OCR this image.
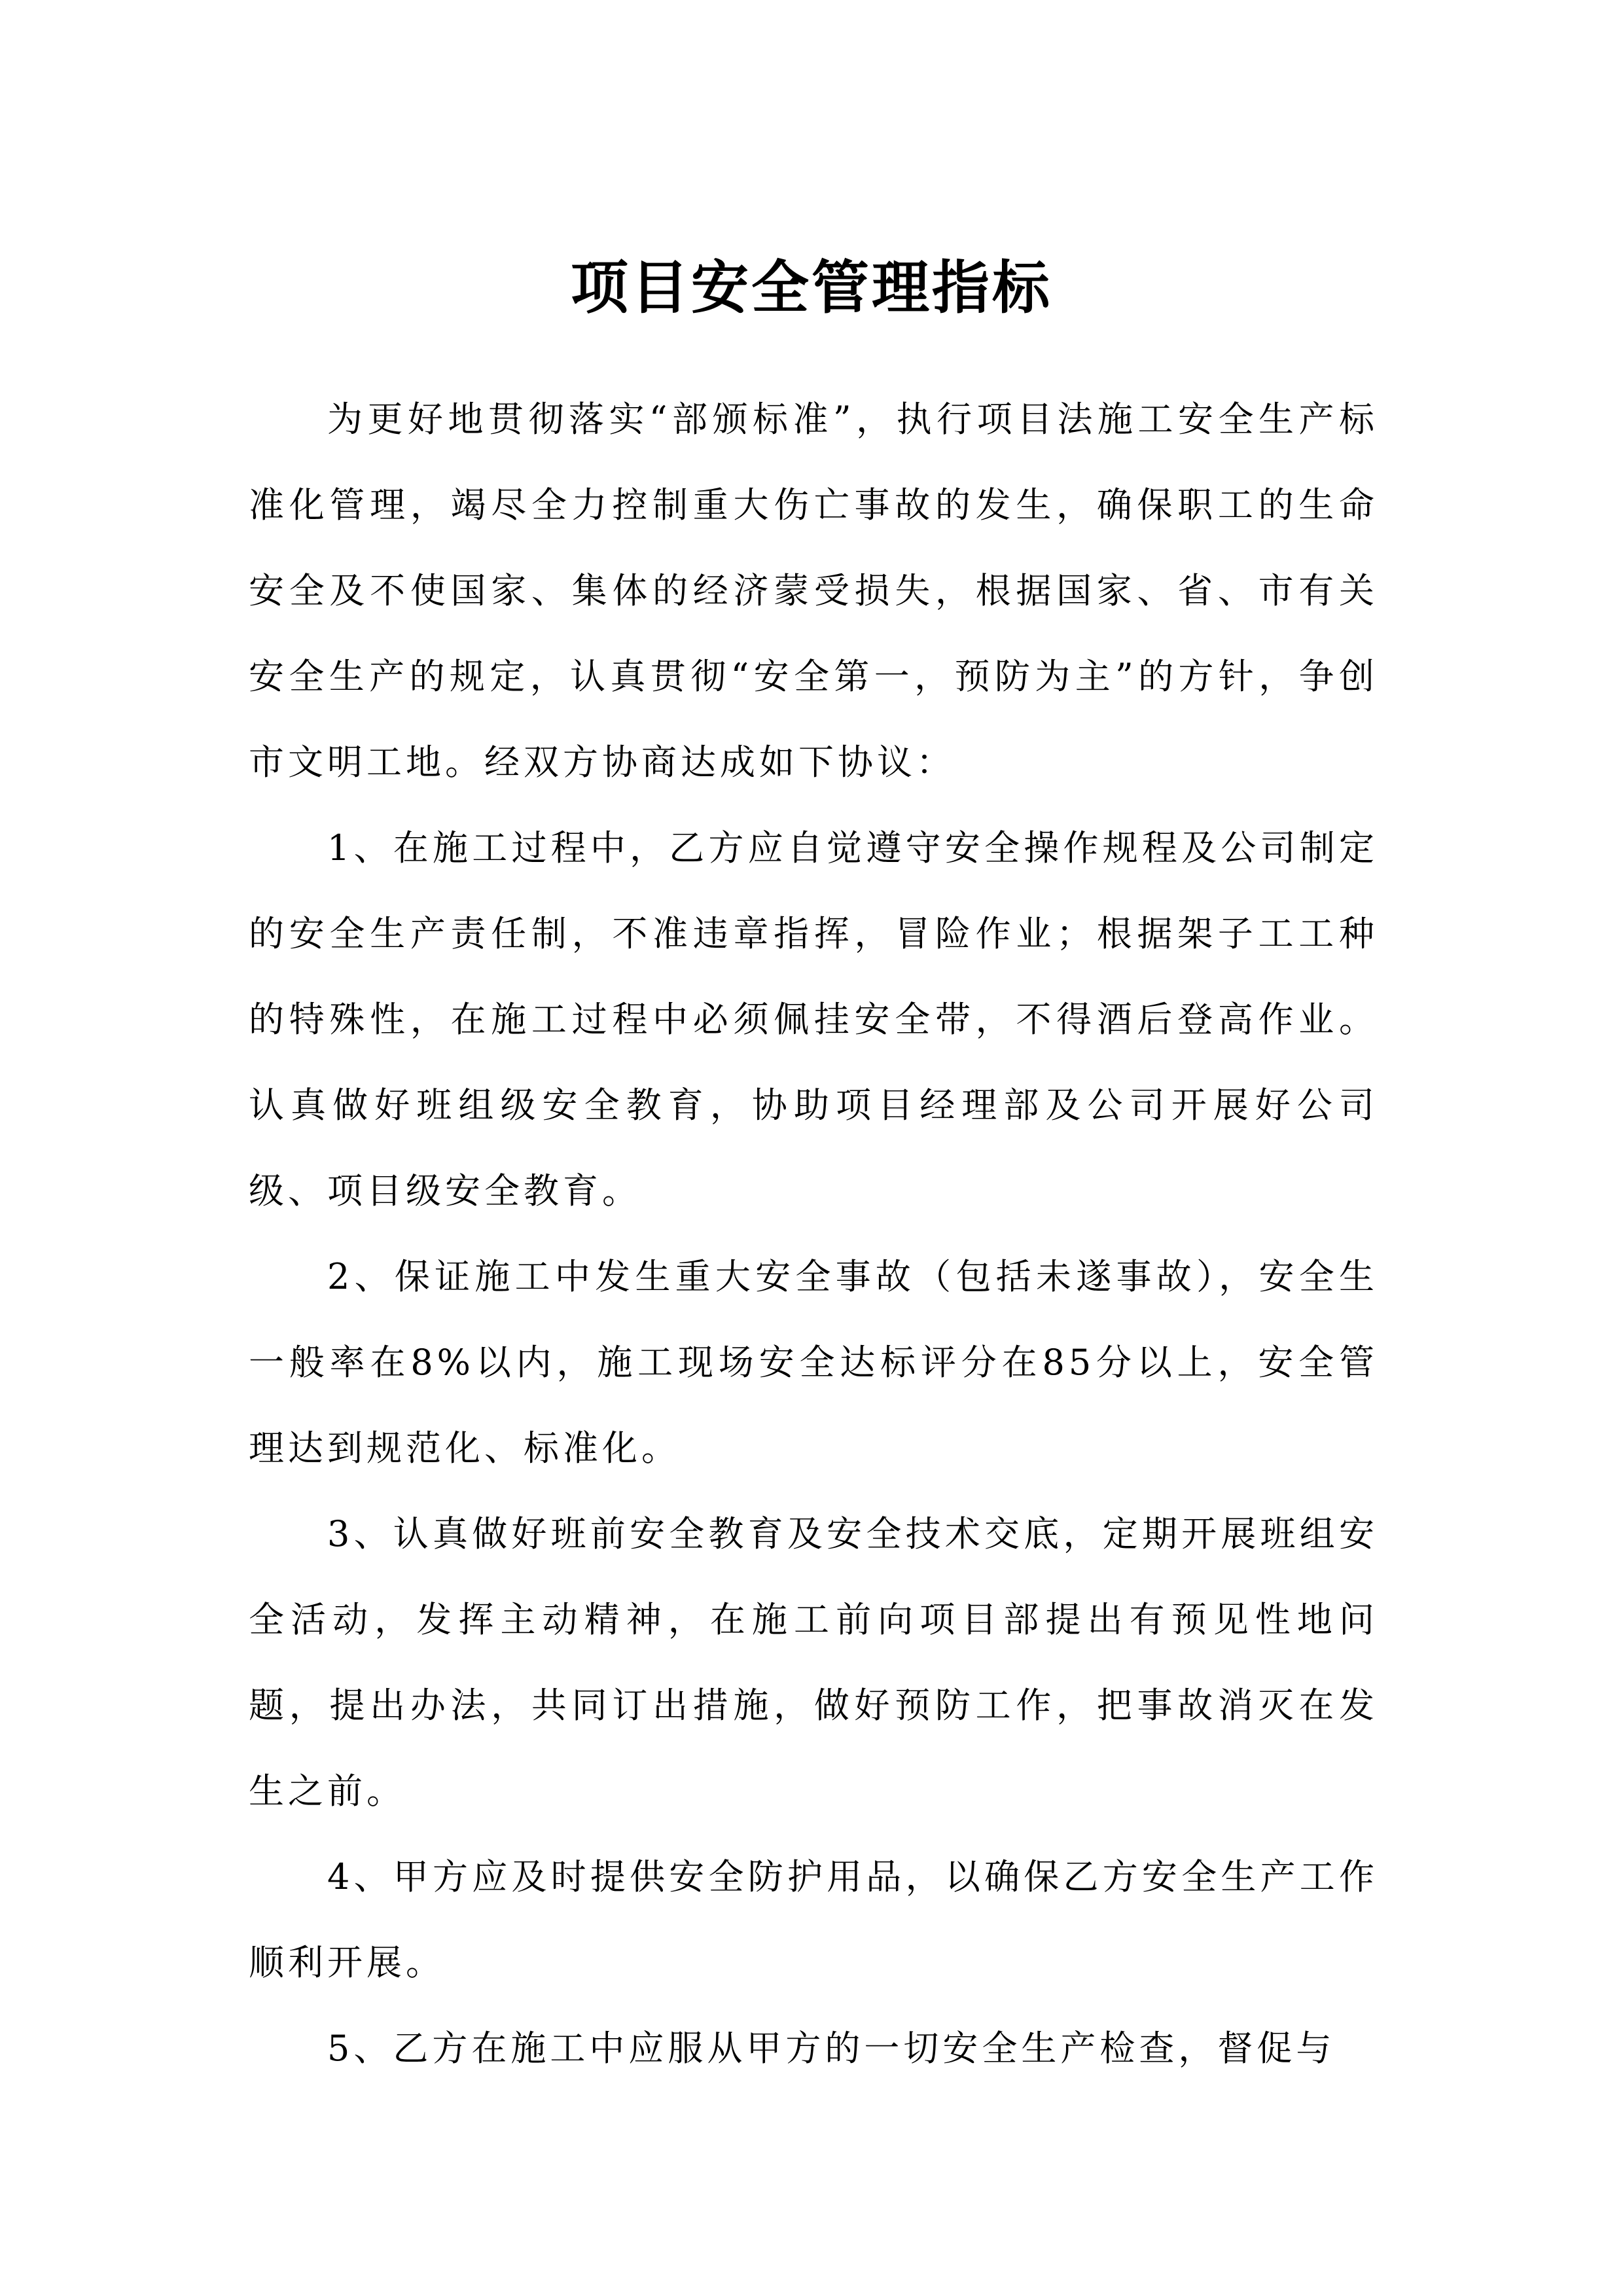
项目安全管理指标

为更好地贯彻落实“部颁标准”，执行项目法施工安全生产标准化管理，竭尽全力控制重大伤亡事故的发生，确保职工的生命安全及不使国家、集体的经济蒙受损失，根据国家、省、市有关安全生产的规定，认真贯彻“安全第一，预防为主”的方针，争创市文明工地。经双方协商达成如下协议：

1、在施工过程中，乙方应自觉遵守安全操作规程及公司制定的安全生产责任制，不准违章指挥，冒险作业；根据架子工工种的特殊性，在施工过程中必须佩挂安全带，不得酒后登高作业。认真做好班组级安全教育，协助项目经理部及公司开展好公司级、项目级安全教育。

2、保证施工中发生重大安全事故（包括未遂事故），安全生一般率在8%以内，施工现场安全达标评分在85分以上，安全管理达到规范化、标准化。

3、认真做好班前安全教育及安全技术交底，定期开展班组安全活动，发挥主动精神，在施工前向项目部提出有预见性地问题，提出办法，共同订出措施，做好预防工作，把事故消灭在发生之前。

4、甲方应及时提供安全防护用品，以确保乙方安全生产工作顺利开展。

5、乙方在施工中应服从甲方的一切安全生产检查，督促与
